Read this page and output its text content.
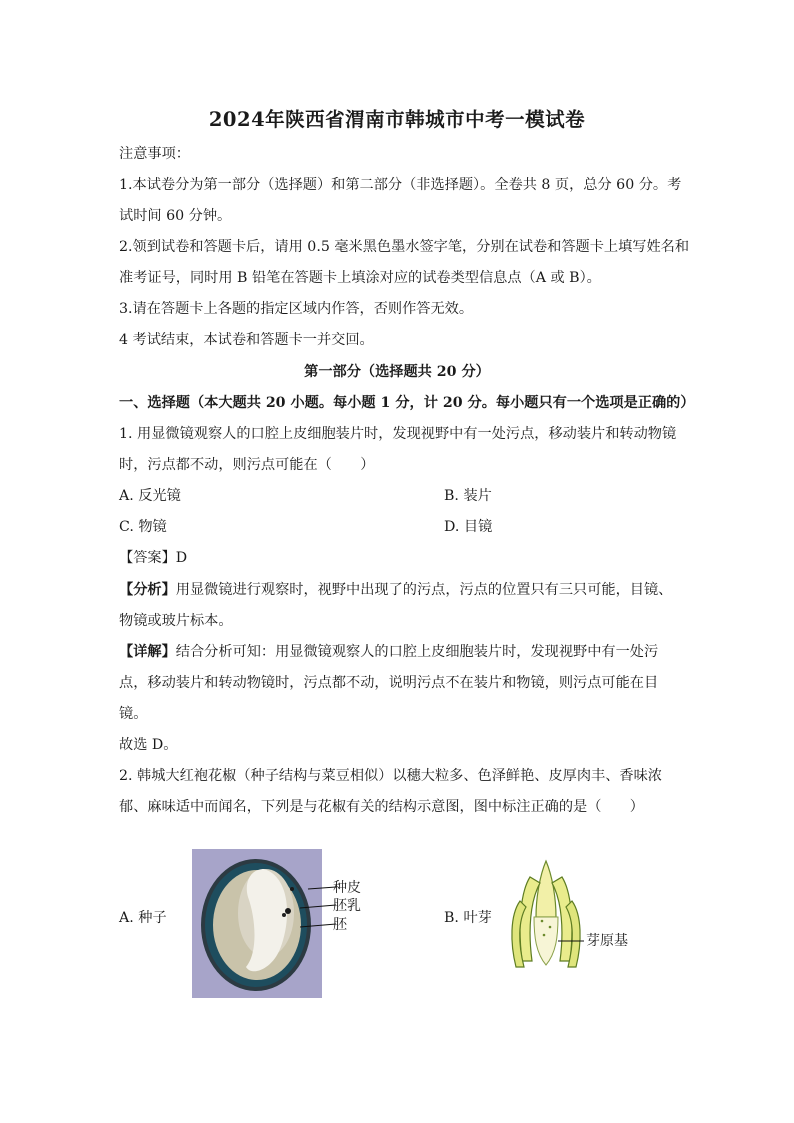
2024年陕西省渭南市韩城市中考一模试卷
注意事项：
1.本试卷分为第一部分（选择题）和第二部分（非选择题）。全卷共 8 页，总分 60 分。考
试时间 60 分钟。
2.领到试卷和答题卡后，请用 0.5 毫米黑色墨水签字笔，分别在试卷和答题卡上填写姓名和
准考证号，同时用 B 铅笔在答题卡上填涂对应的试卷类型信息点（A 或 B）。
3.请在答题卡上各题的指定区域内作答，否则作答无效。
4 考试结束，本试卷和答题卡一并交回。
第一部分（选择题共 20 分）
一、选择题（本大题共 20 小题。每小题 1 分，计 20 分。每小题只有一个选项是正确的）
1. 用显微镜观察人的口腔上皮细胞装片时，发现视野中有一处污点，移动装片和转动物镜
时，污点都不动，则污点可能在（　　）
A. 反光镜	B. 装片
C. 物镜	D. 目镜
【答案】D
【分析】用显微镜进行观察时，视野中出现了的污点，污点的位置只有三只可能，目镜、
物镜或玻片标本。
【详解】结合分析可知：用显微镜观察人的口腔上皮细胞装片时，发现视野中有一处污
点，移动装片和转动物镜时，污点都不动，说明污点不在装片和物镜，则污点可能在目
镜。
故选 D。
2. 韩城大红袍花椒（种子结构与菜豆相似）以穗大粒多、色泽鲜艳、皮厚肉丰、香味浓
郁、麻味适中而闻名，下列是与花椒有关的结构示意图，图中标注正确的是（　　）
A. 种子
种皮
胚乳
胚	B. 叶芽
芽原基
